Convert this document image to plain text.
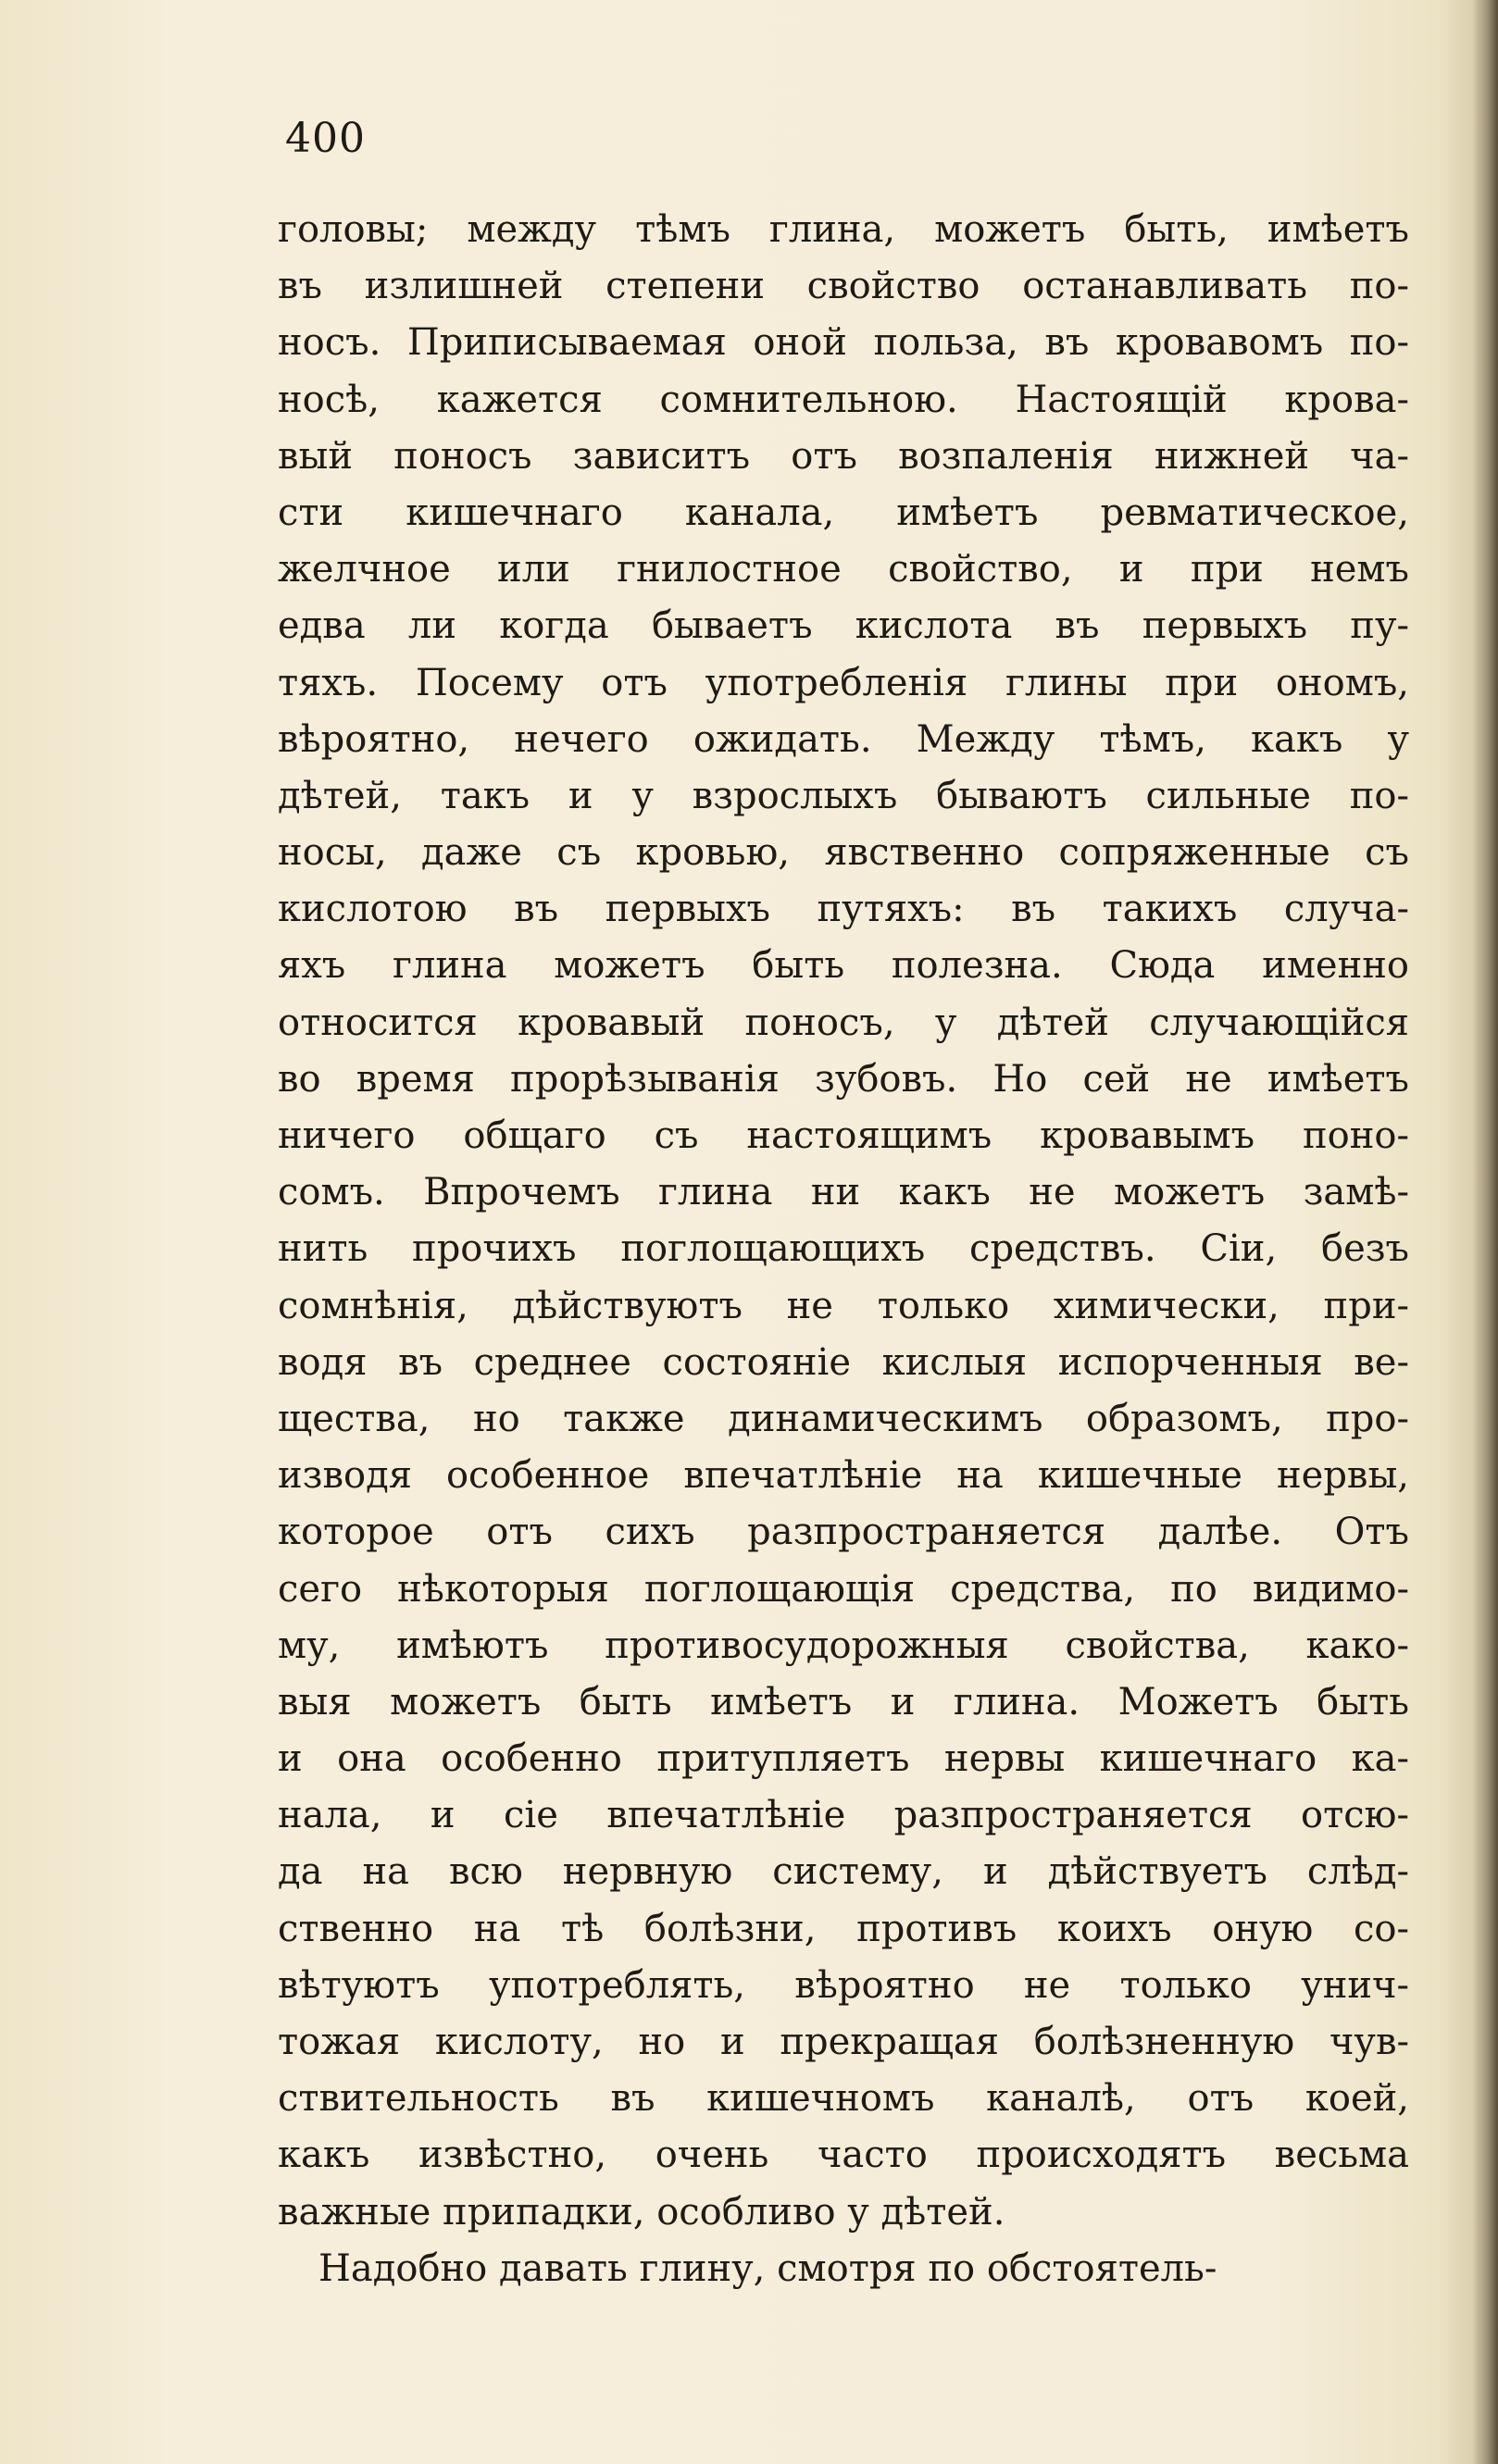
400
головы; между тѣмъ глина, можетъ быть, имѣетъ
въ излишней степени свойство останавливать по-
носъ. Приписываемая оной польза, въ кровавомъ по-
носѣ, кажется сомнительною. Настоящій крова-
вый поносъ зависитъ отъ возпаленія нижней ча-
сти кишечнаго канала, имѣетъ ревматическое,
желчное или гнилостное свойство, и при немъ
едва ли когда бываетъ кислота въ первыхъ пу-
тяхъ. Посему отъ употребленія глины при ономъ,
вѣроятно, нечего ожидать. Между тѣмъ, какъ у
дѣтей, такъ и у взрослыхъ бываютъ сильные по-
носы, даже съ кровью, явственно сопряженные съ
кислотою въ первыхъ путяхъ: въ такихъ случа-
яхъ глина можетъ быть полезна. Сюда именно
относится кровавый поносъ, у дѣтей случающійся
во время прорѣзыванія зубовъ. Но сей не имѣетъ
ничего общаго съ настоящимъ кровавымъ поно-
сомъ. Впрочемъ глина ни какъ не можетъ замѣ-
нить прочихъ поглощающихъ средствъ. Сіи, безъ
сомнѣнія, дѣйствуютъ не только химически, при-
водя въ среднее состояніе кислыя испорченныя ве-
щества, но также динамическимъ образомъ, про-
изводя особенное впечатлѣніе на кишечные нервы,
которое отъ сихъ разпространяется далѣе. Отъ
сего нѣкоторыя поглощающія средства, по видимо-
му, имѣютъ противосудорожныя свойства, како-
выя можетъ быть имѣетъ и глина. Можетъ быть
и она особенно притупляетъ нервы кишечнаго ка-
нала, и сіе впечатлѣніе разпространяется отсю-
да на всю нервную систему, и дѣйствуетъ слѣд-
ственно на тѣ болѣзни, противъ коихъ оную со-
вѣтуютъ употреблять, вѣроятно не только унич-
тожая кислоту, но и прекращая болѣзненную чув-
ствительность въ кишечномъ каналѣ, отъ коей,
какъ извѣстно, очень часто происходятъ весьма
важные припадки, особливо у дѣтей.
Надобно давать глину, смотря по обстоятель-
